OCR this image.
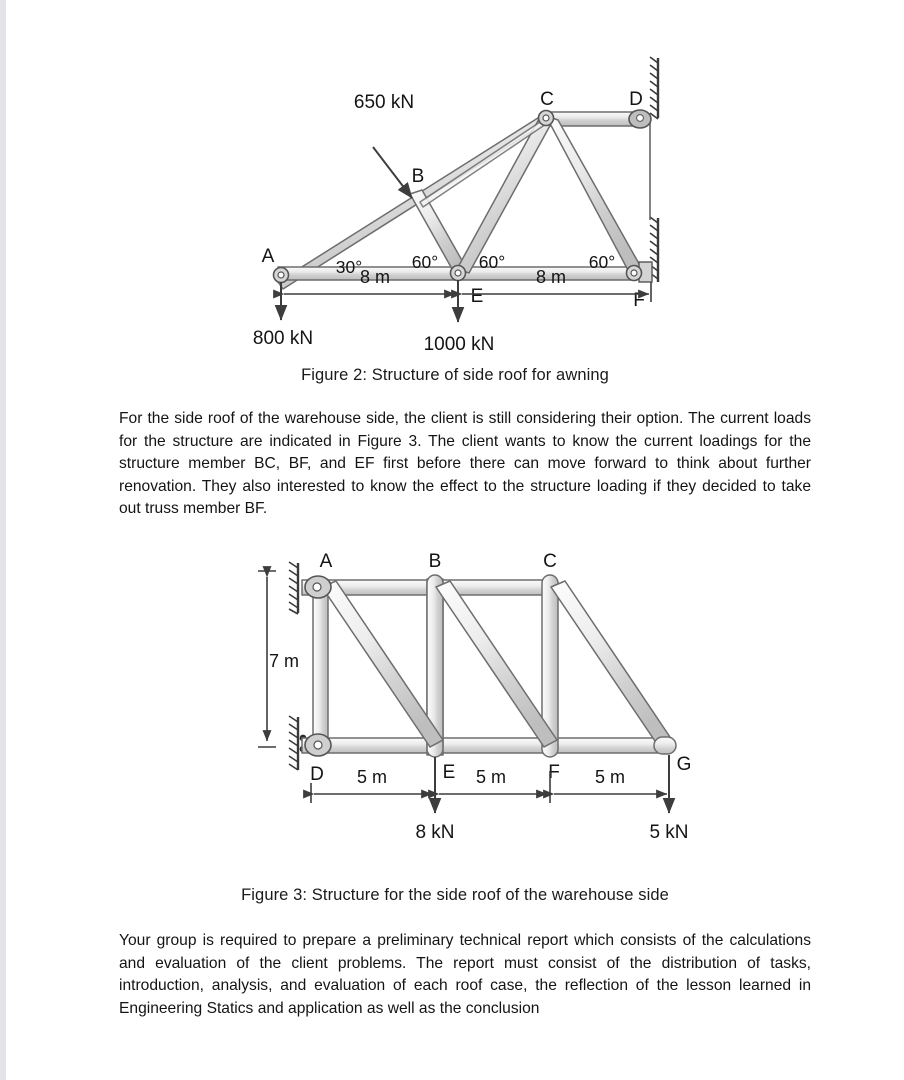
A
B
C	D
E	F
30°	60° 60°	60°
650 kN
800 kN	1000 kN
8 m	8 m
Figure 2: Structure of side roof for awning
For the side roof of the warehouse side, the client is still considering their option. The current loads for the structure are indicated in Figure 3. The client wants to know the current loadings for the structure member BC, BF, and EF first before there can move forward to think about further renovation. They also interested to know the effect to the structure loading if they decided to take out truss member BF.
A	B	C
D	E	F	G
7 m
5 m	5 m	5 m
8 kN	5 kN
Figure 3: Structure for the side roof of the warehouse side
Your group is required to prepare a preliminary technical report which consists of the calculations and evaluation of the client problems. The report must consist of the distribution of tasks, introduction, analysis, and evaluation of each roof case, the reflection of the lesson learned in Engineering Statics and application as well as the conclusion
